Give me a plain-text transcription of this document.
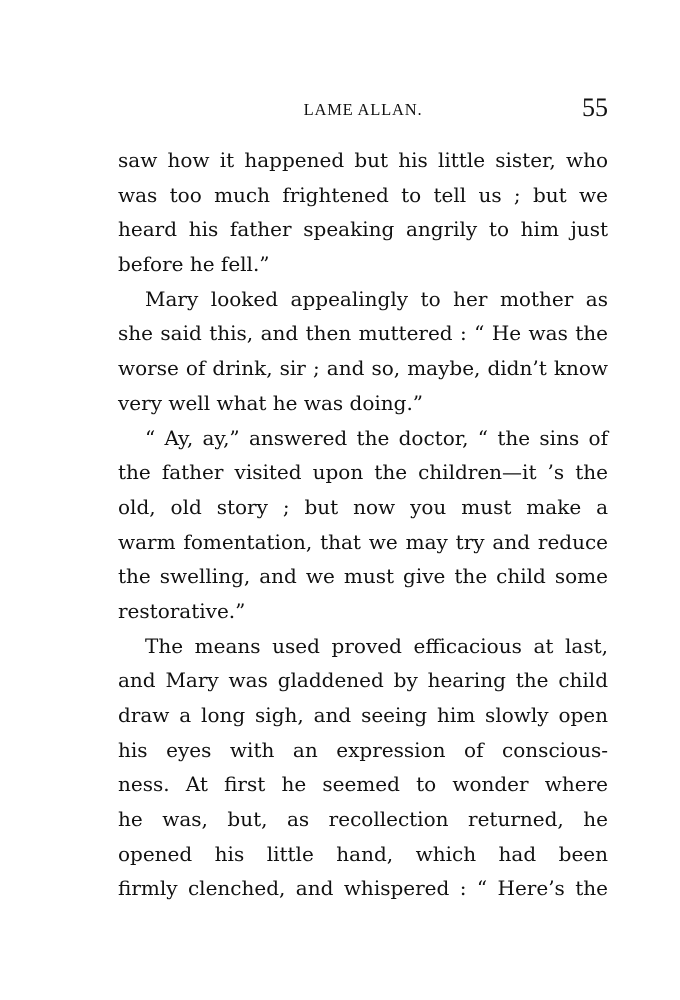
LAME ALLAN.	55
saw how it happened but his little sister, who
was too much frightened to tell us ; but we
heard his father speaking angrily to him just
before he fell.”
Mary looked appealingly to her mother as
she said this, and then muttered : “ He was the
worse of drink, sir ; and so, maybe, didn’t know
very well what he was doing.”
“ Ay, ay,” answered the doctor, “ the sins of
the father visited upon the children—it ’s the
old, old story ; but now you must make a
warm fomentation, that we may try and reduce
the swelling, and we must give the child some
restorative.”
The means used proved efficacious at last,
and Mary was gladdened by hearing the child
draw a long sigh, and seeing him slowly open
his eyes with an expression of conscious-
ness. At first he seemed to wonder where
he was, but, as recollection returned, he
opened his little hand, which had been
firmly clenched, and whispered : “ Here’s the
